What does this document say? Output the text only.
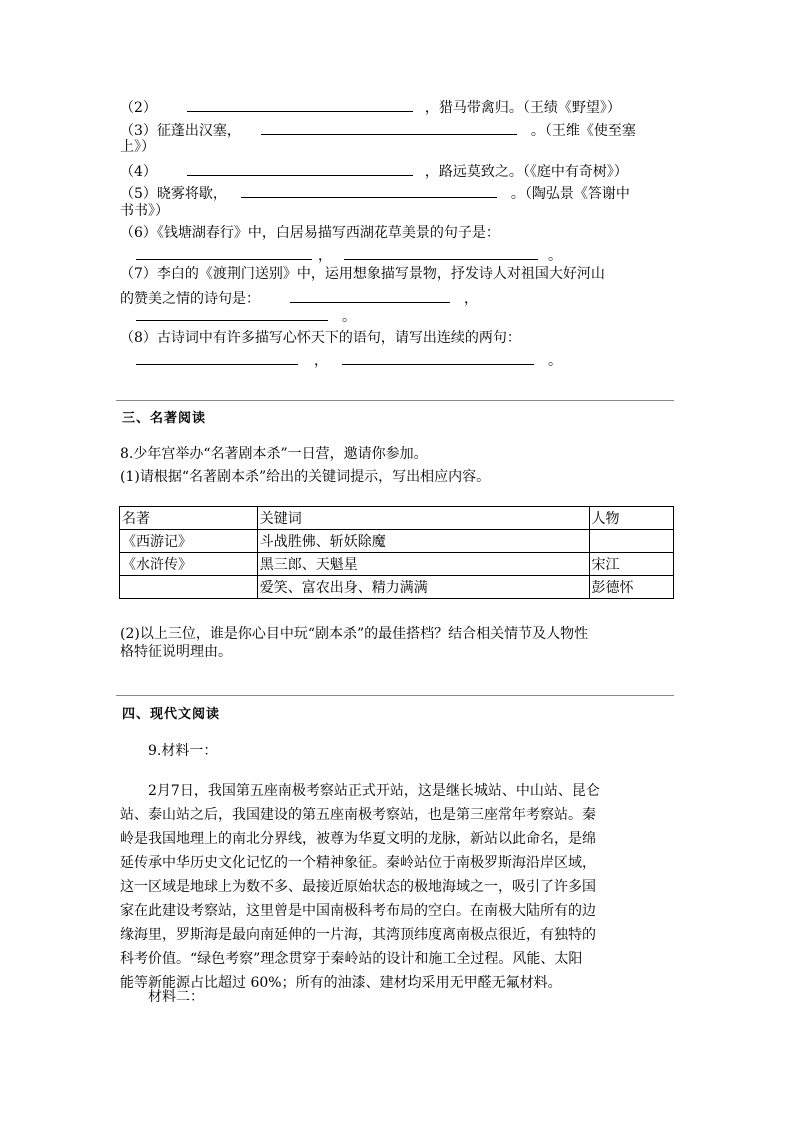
（2）	，猎马带禽归。（王绩《野望》）
（3）征蓬出汉塞，	。（王维《使至塞
上》）
（4）	，路远莫致之。（《庭中有奇树》）
（5）晓雾将歇，	。（陶弘景《答谢中
书书》）
（6）《钱塘湖春行》中，白居易描写西湖花草美景的句子是：
，	。
（7）李白的《渡荆门送别》中，运用想象描写景物，抒发诗人对祖国大好河山
的赞美之情的诗句是：	，
。
（8）古诗词中有许多描写心怀天下的语句，请写出连续的两句：
，	。
三、名著阅读
8.少年宫举办“名著剧本杀”一日营，邀请你参加。
(1)请根据“名著剧本杀”给出的关键词提示，写出相应内容。
名著	关键词	人物
《西游记》	斗战胜佛、斩妖除魔	
《水浒传》	黑三郎、天魁星	宋江
	爱笑、富农出身、精力满满	彭德怀
(2)以上三位，谁是你心目中玩“剧本杀”的最佳搭档？结合相关情节及人物性
格特征说明理由。
四、现代文阅读
9.材料一：
2月7日，我国第五座南极考察站正式开站，这是继长城站、中山站、昆仑
站、泰山站之后，我国建设的第五座南极考察站，也是第三座常年考察站。秦
岭是我国地理上的南北分界线，被尊为华夏文明的龙脉，新站以此命名，是绵
延传承中华历史文化记忆的一个精神象征。秦岭站位于南极罗斯海沿岸区域，
这一区域是地球上为数不多、最接近原始状态的极地海域之一，吸引了许多国
家在此建设考察站，这里曾是中国南极科考布局的空白。在南极大陆所有的边
缘海里，罗斯海是最向南延伸的一片海，其湾顶纬度离南极点很近，有独特的
科考价值。“绿色考察”理念贯穿于秦岭站的设计和施工全过程。风能、太阳
能等新能源占比超过 60%；所有的油漆、建材均采用无甲醛无氟材料。
材料二：
